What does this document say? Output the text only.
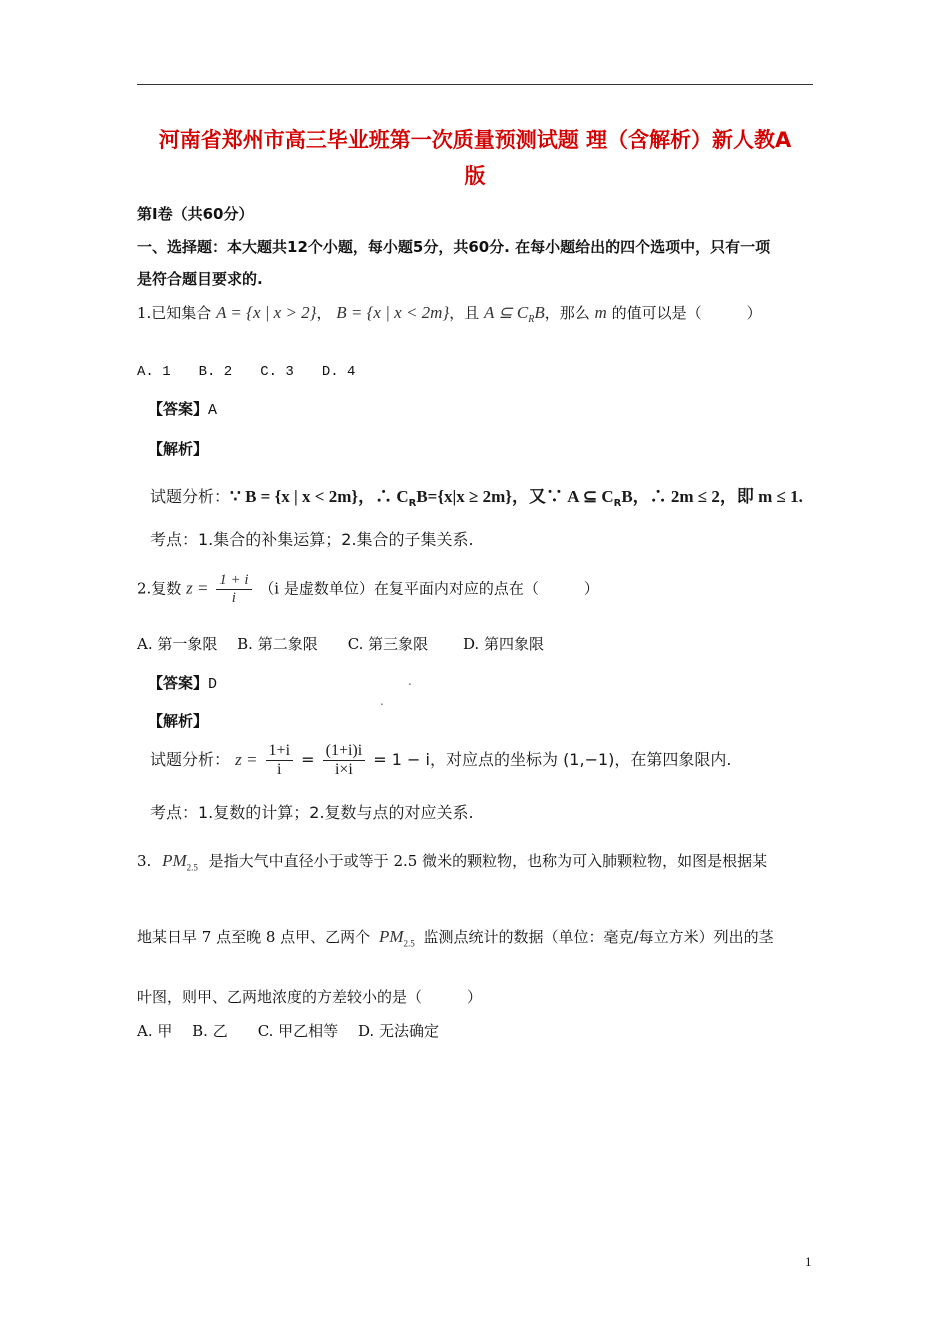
河南省郑州市高三毕业班第一次质量预测试题 理（含解析）新人教A
版
第Ⅰ卷（共60分）
一、选择题：本大题共12个小题，每小题5分，共60分. 在每小题给出的四个选项中，只有一项
是符合题目要求的.
1.已知集合 A = {x | x > 2}， B = {x | x < 2m}，且 A ⊆ $C_RB$，那么 m 的值可以是（　　　）
A. 1　　B. 2　　C. 3　　D. 4
【答案】A
【解析】
试题分析：∵ B = {x | x < 2m}，∴ $C_RB=\{x|x \ge 2m\}$，又∵ A ⊆ $C_RB$，∴ 2m ≤ 2，即 m ≤ 1.
考点：1.集合的补集运算；2.集合的子集关系.
2.复数 $z = \frac{1 + i}{i} (i$ 是虚数单位）在复平面内对应的点在（　　　）
A. 第一象限　 B. 第二象限　　C. 第三象限　　 D. 第四象限
【答案】D	.
.
【解析】
试题分析： $z = \frac{1+i}{i} = \frac{(1+i)i}{i\times i} = 1 - i$，对应点的坐标为 (1,−1)，在第四象限内.
考点：1.复数的计算；2.复数与点的对应关系.
3. $PM_{2.5}$ 是指大气中直径小于或等于 2.5 微米的颗粒物，也称为可入肺颗粒物，如图是根据某
地某日早 7 点至晚 8 点甲、乙两个 $PM_{2.5}$ 监测点统计的数据（单位：毫克/每立方米）列出的茎
叶图，则甲、乙两地浓度的方差较小的是（　　　）
A. 甲　 B. 乙　　C. 甲乙相等　 D. 无法确定
1
